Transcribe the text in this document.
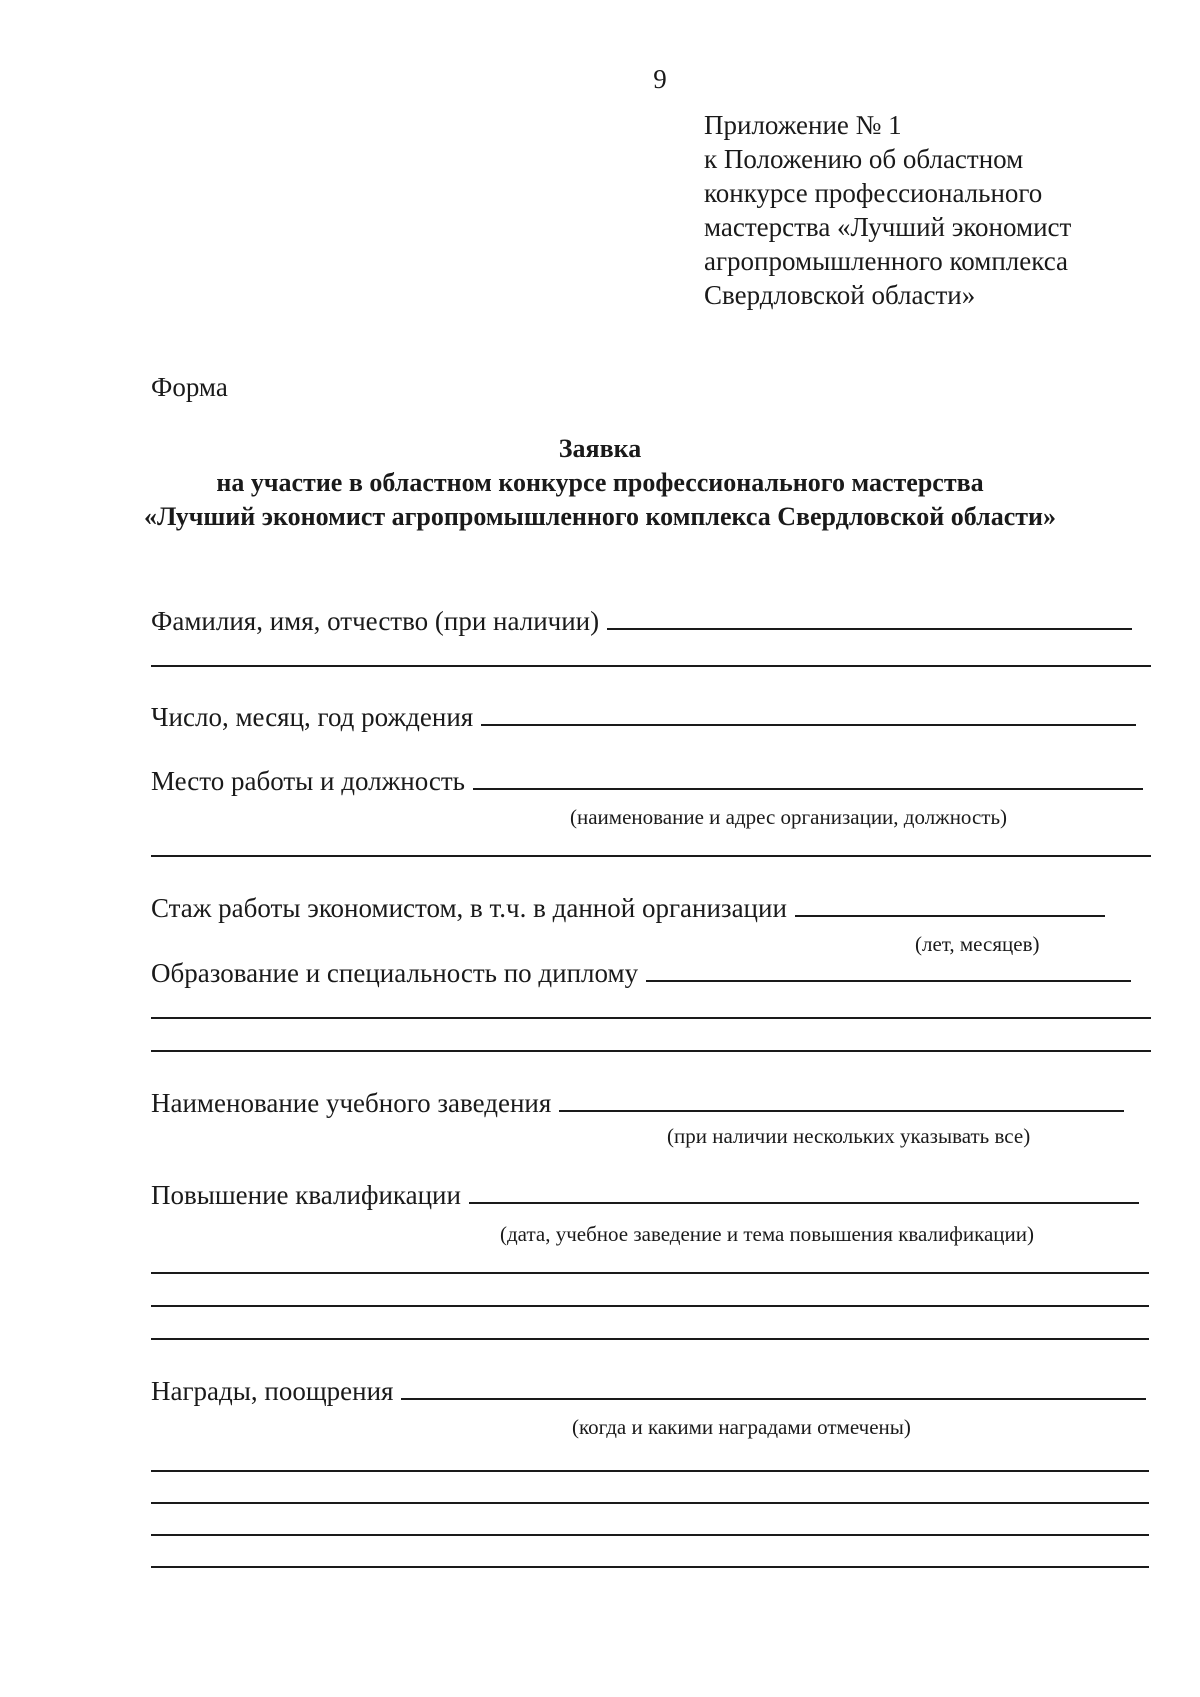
9
Приложение № 1
к Положению об областном
конкурсе профессионального
мастерства «Лучший экономист
агропромышленного комплекса
Свердловской области»
Форма
Заявка
на участие в областном конкурсе профессионального мастерства
«Лучший экономист агропромышленного комплекса Свердловской области»
Фамилия, имя, отчество (при наличии)
Число, месяц, год рождения
Место работы и должность
(наименование и адрес организации, должность)
Стаж работы экономистом, в т.ч. в данной организации
(лет, месяцев)
Образование и специальность по диплому
Наименование учебного заведения
(при наличии нескольких указывать все)
Повышение квалификации
(дата, учебное заведение и тема повышения квалификации)
Награды, поощрения
(когда и какими наградами отмечены)
